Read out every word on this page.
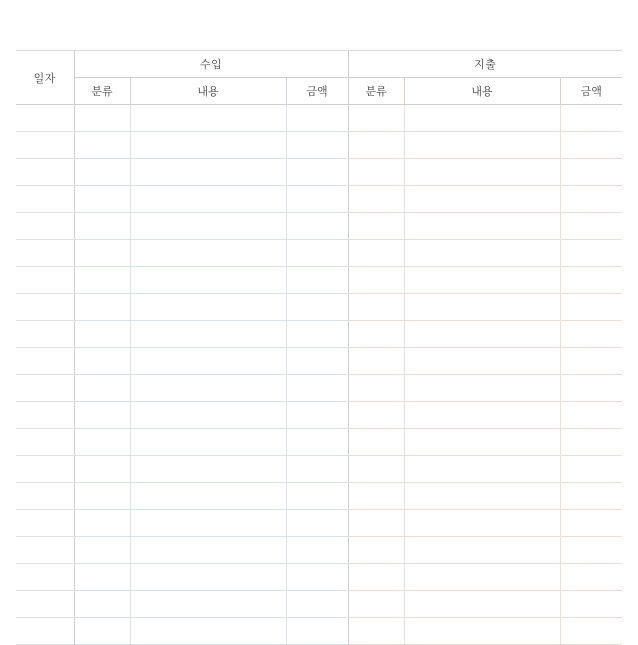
일자	수입			지출		
	분류	내용	금액	분류	내용	금액
